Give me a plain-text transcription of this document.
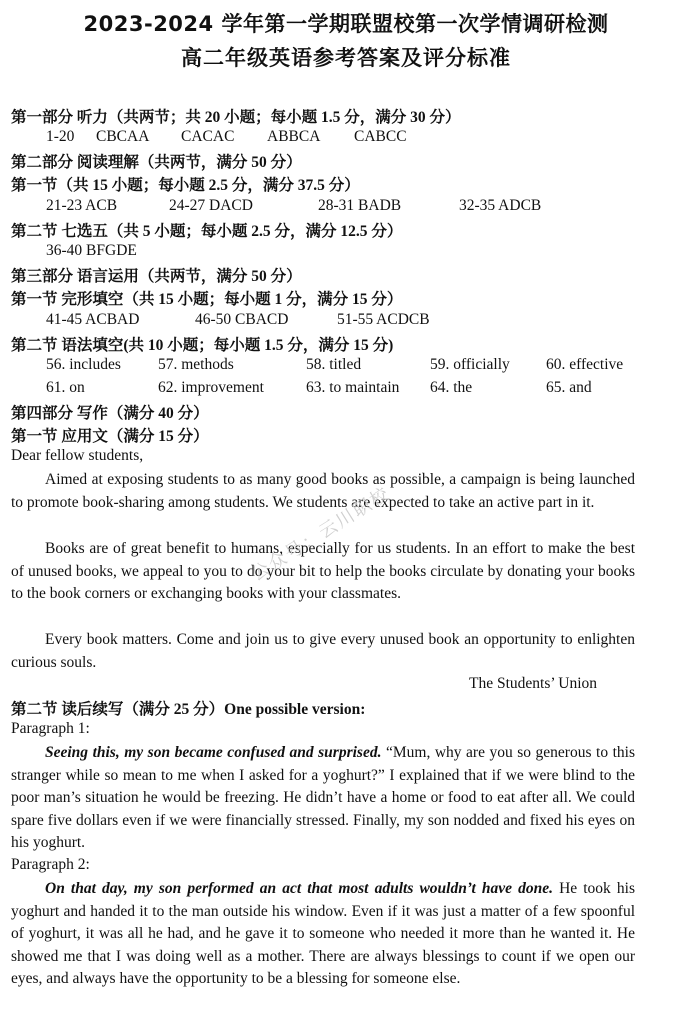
2023-2024 学年第一学期联盟校第一次学情调研检测
高二年级英语参考答案及评分标准
第一部分 听力（共两节；共 20 小题；每小题 1.5 分，满分 30 分）
1-20 CBCAA CACAC ABBCA CABCC
第二部分 阅读理解（共两节，满分 50 分）
第一节（共 15 小题；每小题 2.5 分，满分 37.5 分）
21-23 ACB	24-27 DACD	28-31 BADB	32-35 ADCB
第二节 七选五（共 5 小题；每小题 2.5 分，满分 12.5 分）
36-40 BFGDE
第三部分 语言运用（共两节，满分 50 分）
第一节 完形填空（共 15 小题；每小题 1 分，满分 15 分）
41-45 ACBAD	46-50 CBACD	51-55 ACDCB
第二节 语法填空(共 10 小题；每小题 1.5 分，满分 15 分)
56. includes 57. methods	58. titled	59. officially 60. effective
61. on	62. improvement	63. to maintain 64. the	65. and
第四部分 写作（满分 40 分）
第一节 应用文（满分 15 分）
Dear fellow students,

Aimed at exposing students to as many good books as possible, a campaign is being launched to promote book-sharing among students. We students are expected to take an active part in it.

Books are of great benefit to humans, especially for us students. In an effort to make the best of unused books, we appeal to you to do your bit to help the books circulate by donating your books to the book corners or exchanging books with your classmates.

Every book matters. Come and join us to give every unused book an opportunity to enlighten curious souls.

The Students’ Union
第二节 读后续写（满分 25 分）One possible version:
Paragraph 1:

Seeing this, my son became confused and surprised. “Mum, why are you so generous to this stranger while so mean to me when I asked for a yoghurt?” I explained that if we were blind to the poor man’s situation he would be freezing. He didn’t have a home or food to eat after all. We could spare five dollars even if we were financially stressed. Finally, my son nodded and fixed his eyes on his yoghurt.

Paragraph 2:

On that day, my son performed an act that most adults wouldn’t have done. He took his yoghurt and handed it to the man outside his window. Even if it was just a matter of a few spoonful of yoghurt, it was all he had, and he gave it to someone who needed it more than he wanted it. He showed me that I was doing well as a mother. There are always blessings to count if we open our eyes, and always have the opportunity to be a blessing for someone else.

公众号：云川职校
